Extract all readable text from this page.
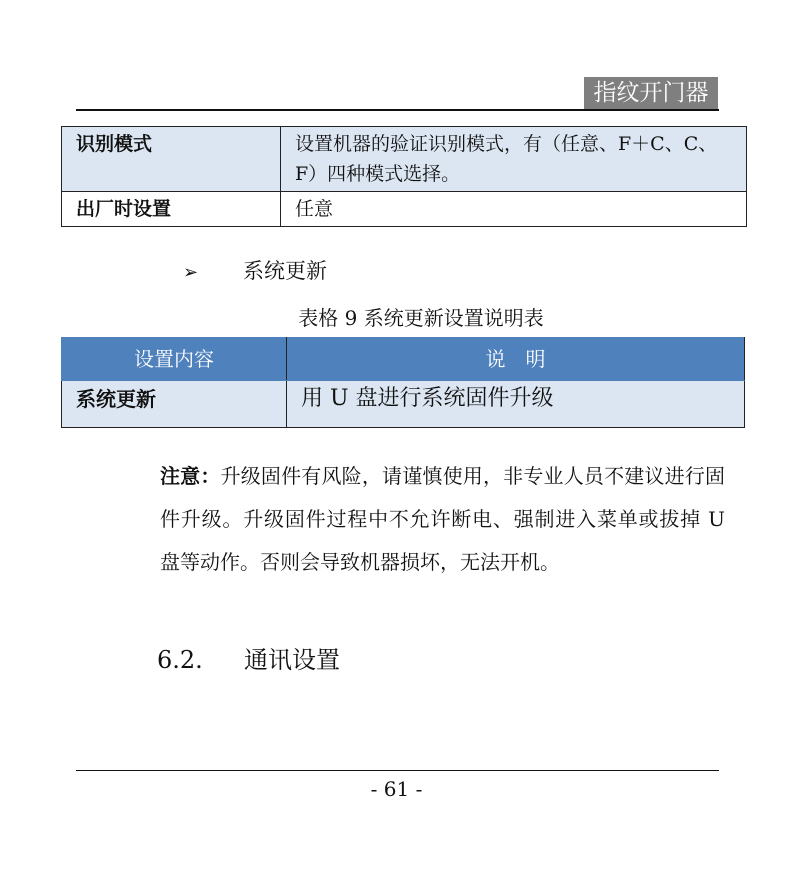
指纹开门器
识别模式	设置机器的验证识别模式，有（任意、F＋C、C、F）四种模式选择。
出厂时设置	任意
➢ 系统更新
表格 9 系统更新设置说明表
设置内容	说　明
系统更新	用 U 盘进行系统固件升级
注意：升级固件有风险，请谨慎使用，非专业人员不建议进行固件升级。升级固件过程中不允许断电、强制进入菜单或拔掉 U 盘等动作。否则会导致机器损坏，无法开机。
6.2. 通讯设置
- 61 -
